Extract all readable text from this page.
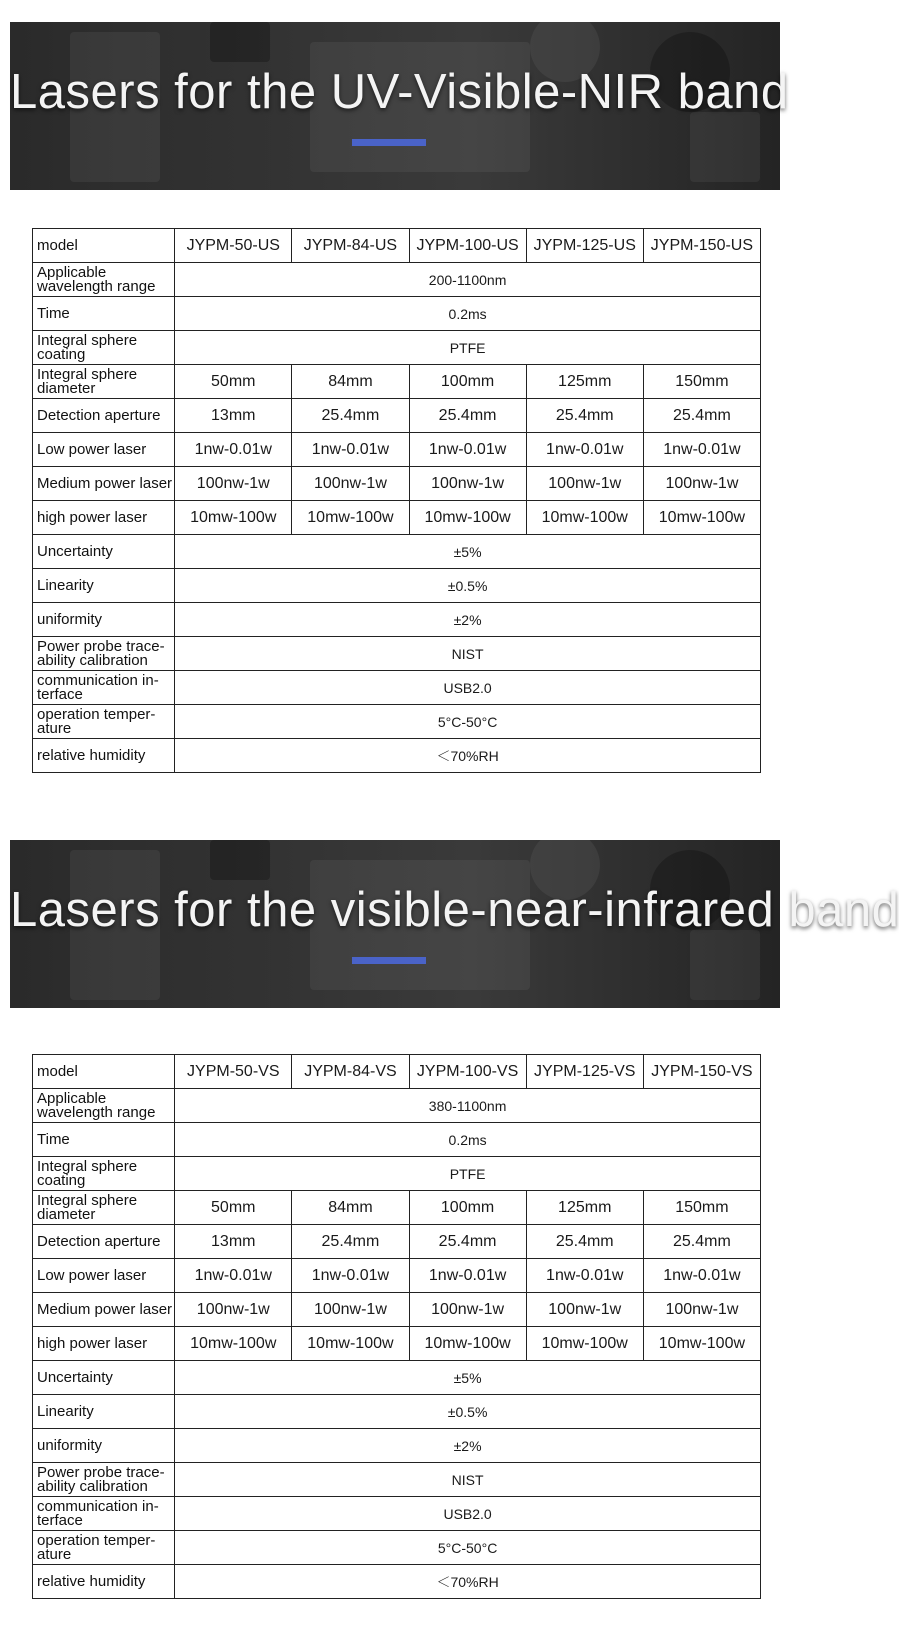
Lasers for the UV-Visible-NIR band
model	JYPM-50-US	JYPM-84-US	JYPM-100-US	JYPM-125-US	JYPM-150-US
Applicable wavelength range	200-1100nm				
Time	0.2ms				
Integral sphere coating	PTFE				
Integral sphere diameter	50mm	84mm	100mm	125mm	150mm
Detection aperture	13mm	25.4mm	25.4mm	25.4mm	25.4mm
Low power laser	1nw-0.01w	1nw-0.01w	1nw-0.01w	1nw-0.01w	1nw-0.01w
Medium power laser	100nw-1w	100nw-1w	100nw-1w	100nw-1w	100nw-1w
high power laser	10mw-100w	10mw-100w	10mw-100w	10mw-100w	10mw-100w
Uncertainty	±5%				
Linearity	±0.5%				
uniformity	±2%				
Power probe trace-ability calibration	NIST				
communication in-terface	USB2.0				
operation temper-ature	5°C-50°C				
relative humidity	＜70%RH				
Lasers for the visible-near-infrared band
model	JYPM-50-VS	JYPM-84-VS	JYPM-100-VS	JYPM-125-VS	JYPM-150-VS
Applicable wavelength range	380-1100nm				
Time	0.2ms				
Integral sphere coating	PTFE				
Integral sphere diameter	50mm	84mm	100mm	125mm	150mm
Detection aperture	13mm	25.4mm	25.4mm	25.4mm	25.4mm
Low power laser	1nw-0.01w	1nw-0.01w	1nw-0.01w	1nw-0.01w	1nw-0.01w
Medium power laser	100nw-1w	100nw-1w	100nw-1w	100nw-1w	100nw-1w
high power laser	10mw-100w	10mw-100w	10mw-100w	10mw-100w	10mw-100w
Uncertainty	±5%				
Linearity	±0.5%				
uniformity	±2%				
Power probe trace-ability calibration	NIST				
communication in-terface	USB2.0				
operation temper-ature	5°C-50°C				
relative humidity	＜70%RH				
